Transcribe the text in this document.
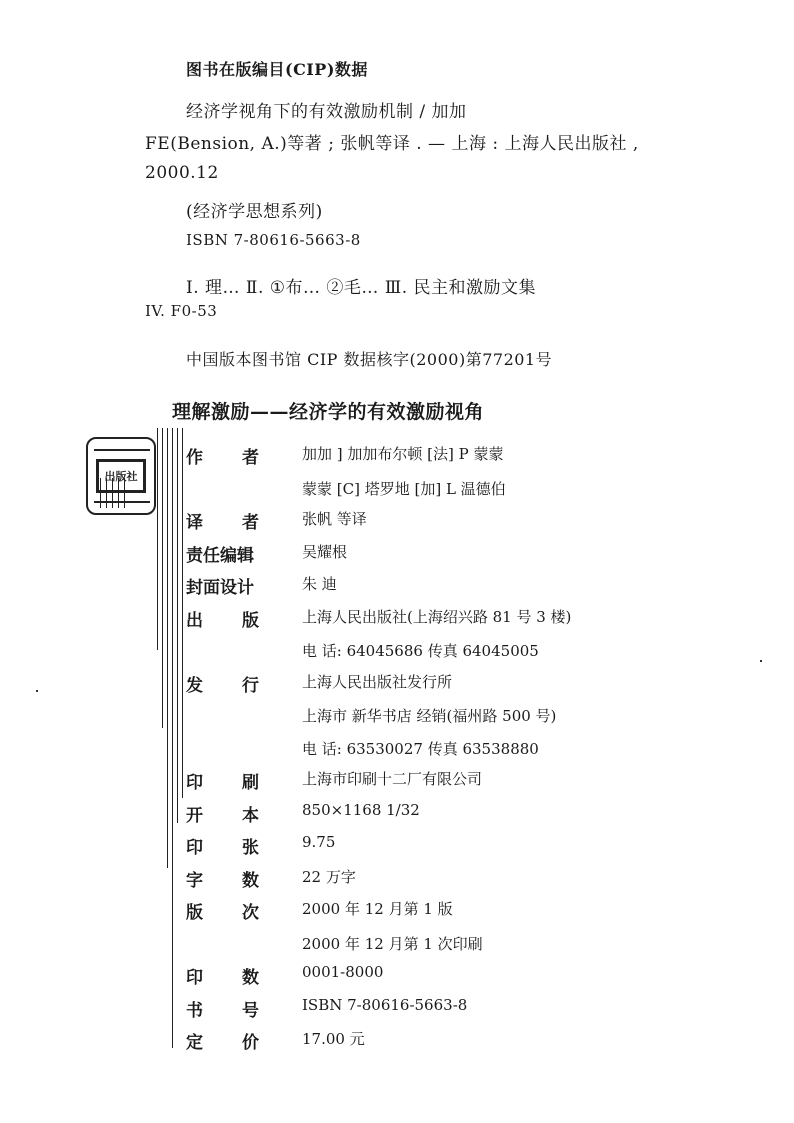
图书在版编目(CIP)数据
经济学视角下的有效激励机制 / 加加
FE(Bension, A.)等著 ; 张帆等译 . — 上海 : 上海人民出版社 ,
2000.12
(经济学思想系列)
ISBN 7-80616-5663-8
Ⅰ. 理… Ⅱ. ①布… ②毛… Ⅲ. 民主和激励文集
IV. F0-53
中国版本图书馆 CIP 数据核字(2000)第77201号
理解激励——经济学的有效激励视角
出版社
作 者	加加 ] 加加布尔顿 [法] P 蒙蒙
蒙蒙 [C] 塔罗地 [加] L 温德伯
译 者	张帆 等译
责任编辑	吴耀根
封面设计	朱 迪
出 版	上海人民出版社(上海绍兴路 81 号 3 楼)
电 话: 64045686 传真 64045005
发 行	上海人民出版社发行所
上海市 新华书店 经销(福州路 500 号)
电 话: 63530027 传真 63538880
印 刷	上海市印刷十二厂有限公司
开 本	850×1168 1/32
印 张	9.75
字 数	22 万字
版 次	2000 年 12 月第 1 版
2000 年 12 月第 1 次印刷
印 数	0001-8000
书 号	ISBN 7-80616-5663-8
定 价	17.00 元
